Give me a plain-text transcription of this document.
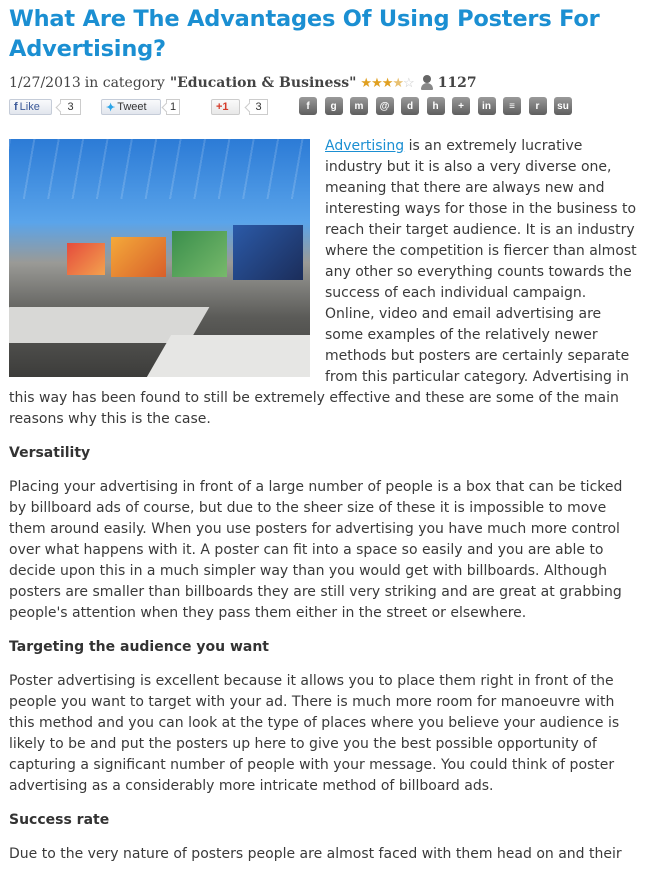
What Are The Advantages Of Using Posters For Advertising?
1/27/2013 in category "Education & Business" ★★★★☆ 1127
f Like	3	✦ Tweet	1	+1	3	f	g	m	@	d	h	+	in	≡	r	su

Advertising is an extremely lucrative industry but it is also a very diverse one, meaning that there are always new and interesting ways for those in the business to reach their target audience. It is an industry where the competition is fiercer than almost any other so everything counts towards the success of each individual campaign. Online, video and email advertising are some examples of the relatively newer methods but posters are certainly separate from this particular category. Advertising in this way has been found to still be extremely effective and these are some of the main reasons why this is the case.

Versatility

Placing your advertising in front of a large number of people is a box that can be ticked by billboard ads of course, but due to the sheer size of these it is impossible to move them around easily. When you use posters for advertising you have much more control over what happens with it. A poster can fit into a space so easily and you are able to decide upon this in a much simpler way than you would get with billboards. Although posters are smaller than billboards they are still very striking and are great at grabbing people's attention when they pass them either in the street or elsewhere.

Targeting the audience you want

Poster advertising is excellent because it allows you to place them right in front of the people you want to target with your ad. There is much more room for manoeuvre with this method and you can look at the type of places where you believe your audience is likely to be and put the posters up here to give you the best possible opportunity of capturing a significant number of people with your message. You could think of poster advertising as a considerably more intricate method of billboard ads.

Success rate

Due to the very nature of posters people are almost faced with them head on and their
